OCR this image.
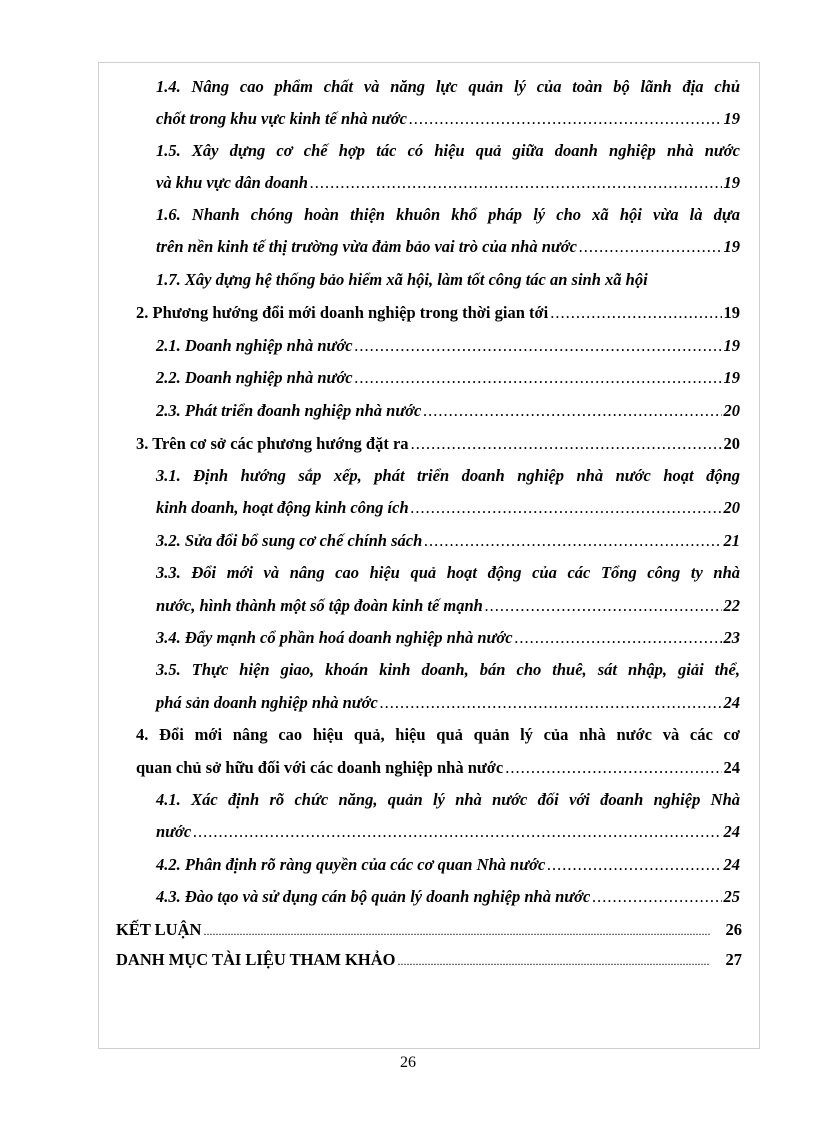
1.4. Nâng cao phẩm chất và năng lực quản lý của toàn bộ lãnh địa chủ
chốt trong khu vực kinh tế nhà nước .....	19
1.5. Xây dựng cơ chế hợp tác có hiệu quả giữa doanh nghiệp nhà nước
và khu vực dân doanh .....	19
1.6. Nhanh chóng hoàn thiện khuôn khổ pháp lý cho xã hội vừa là dựa
trên nền kinh tế thị trường vừa đảm bảo vai trò của nhà nước .....	19
1.7. Xây dựng hệ thống bảo hiểm xã hội, làm tốt công tác an sinh xã hội
2. Phương hướng đổi mới doanh nghiệp trong thời gian tới .....	19
2.1. Doanh nghiệp nhà nước .....	19
2.2. Doanh nghiệp nhà nước .....	19
2.3. Phát triển đoanh nghiệp nhà nước .....	20
3. Trên cơ sở các phương hướng đặt ra .....	20
3.1. Định hướng sắp xếp, phát triển doanh nghiệp nhà nước hoạt động
kinh doanh, hoạt động kinh công ích .....	20
3.2. Sửa đổi bổ sung cơ chế chính sách .....	21
3.3. Đổi mới và nâng cao hiệu quả hoạt động của các Tổng công ty nhà
nước, hình thành một số tập đoàn kinh tế mạnh .....	22
3.4. Đẩy mạnh cổ phần hoá doanh nghiệp nhà nước .....	23
3.5. Thực hiện giao, khoán kinh doanh, bán cho thuê, sát nhập, giải thể,
phá sản doanh nghiệp nhà nước .....	24
4. Đổi mới nâng cao hiệu quả, hiệu quả quản lý của nhà nước và các cơ
quan chủ sở hữu đối với các doanh nghiệp nhà nước .....	24
4.1. Xác định rõ chức năng, quản lý nhà nước đối với đoanh nghiệp Nhà
nước .....	24
4.2. Phân định rõ ràng quyền của các cơ quan Nhà nước .....	24
4.3. Đào tạo và sử dụng cán bộ quản lý doanh nghiệp nhà nước .....	25
KẾT LUẬN .....	26
DANH MỤC TÀI LIỆU THAM KHẢO .....	27
26
